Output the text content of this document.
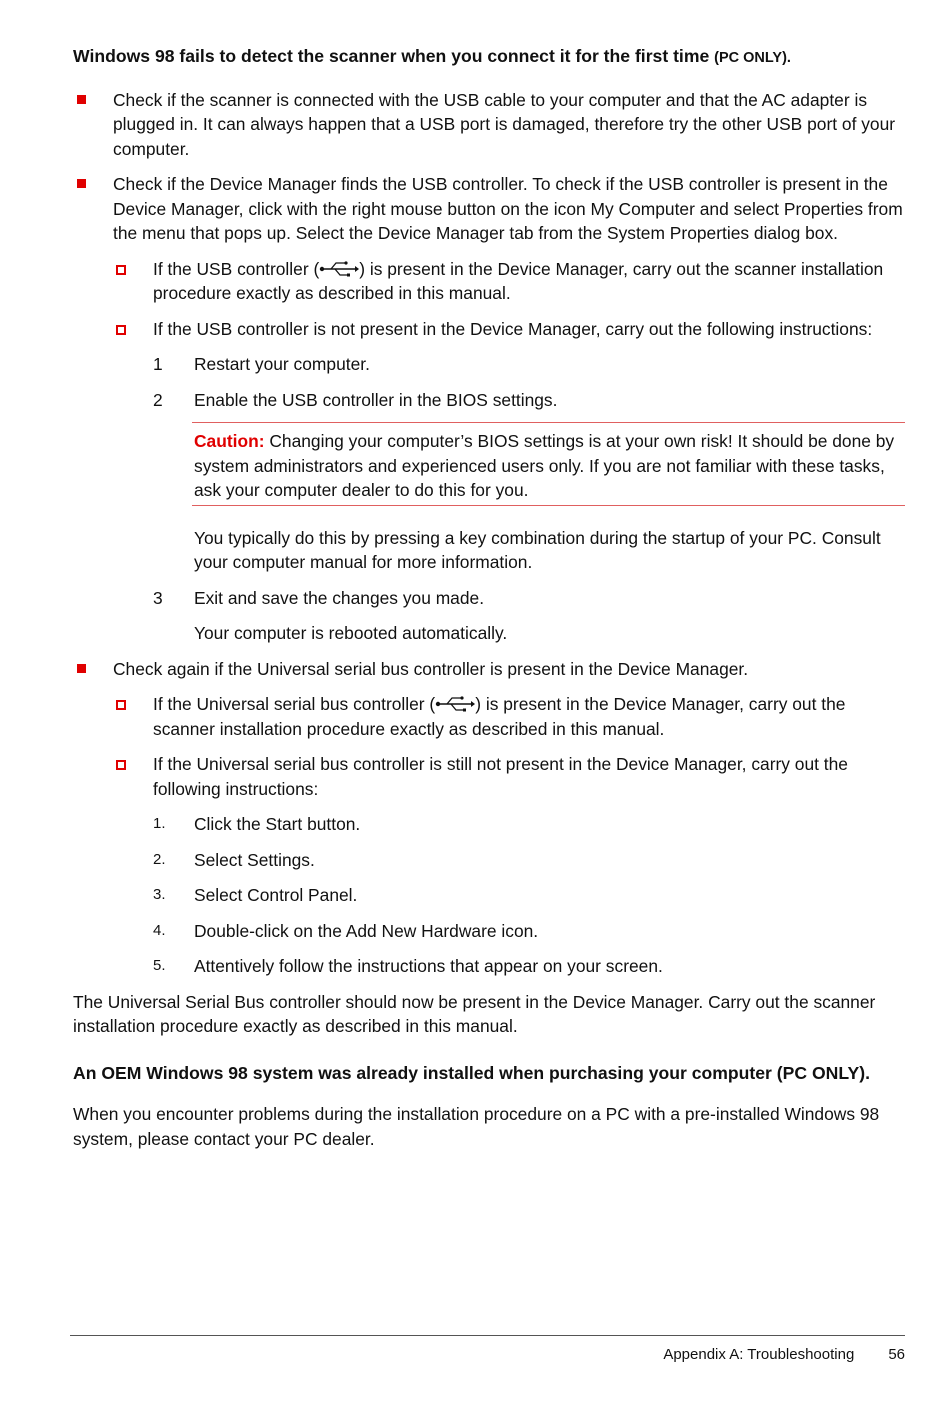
Windows 98 fails to detect the scanner when you connect it for the first time (PC ONLY).

Check if the scanner is connected with the USB cable to your computer and that the AC adapter is plugged in. It can always happen that a USB port is damaged, therefore try the other USB port of your computer.

Check if the Device Manager finds the USB controller. To check if the USB controller is present in the Device Manager, click with the right mouse button on the icon My Computer and select Properties from the menu that pops up. Select the Device Manager tab from the System Properties dialog box.

If the USB controller ( ) is present in the Device Manager, carry out the scanner installation procedure exactly as described in this manual.

If the USB controller is not present in the Device Manager, carry out the following instructions:

1 Restart your computer.

2 Enable the USB controller in the BIOS settings.

Caution: Changing your computer’s BIOS settings is at your own risk! It should be done by system administrators and experienced users only. If you are not familiar with these tasks, ask your computer dealer to do this for you.

You typically do this by pressing a key combination during the startup of your PC. Consult your computer manual for more information.

3 Exit and save the changes you made.

Your computer is rebooted automatically.

Check again if the Universal serial bus controller is present in the Device Manager.

If the Universal serial bus controller ( ) is present in the Device Manager, carry out the scanner installation procedure exactly as described in this manual.

If the Universal serial bus controller is still not present in the Device Manager, carry out the following instructions:

1. Click the Start button.

2. Select Settings.

3. Select Control Panel.

4. Double-click on the Add New Hardware icon.

5. Attentively follow the instructions that appear on your screen.

The Universal Serial Bus controller should now be present in the Device Manager. Carry out the scanner installation procedure exactly as described in this manual.

An OEM Windows 98 system was already installed when purchasing your computer (PC ONLY).

When you encounter problems during the installation procedure on a PC with a pre-installed Windows 98 system, please contact your PC dealer.

Appendix A: Troubleshooting 56
